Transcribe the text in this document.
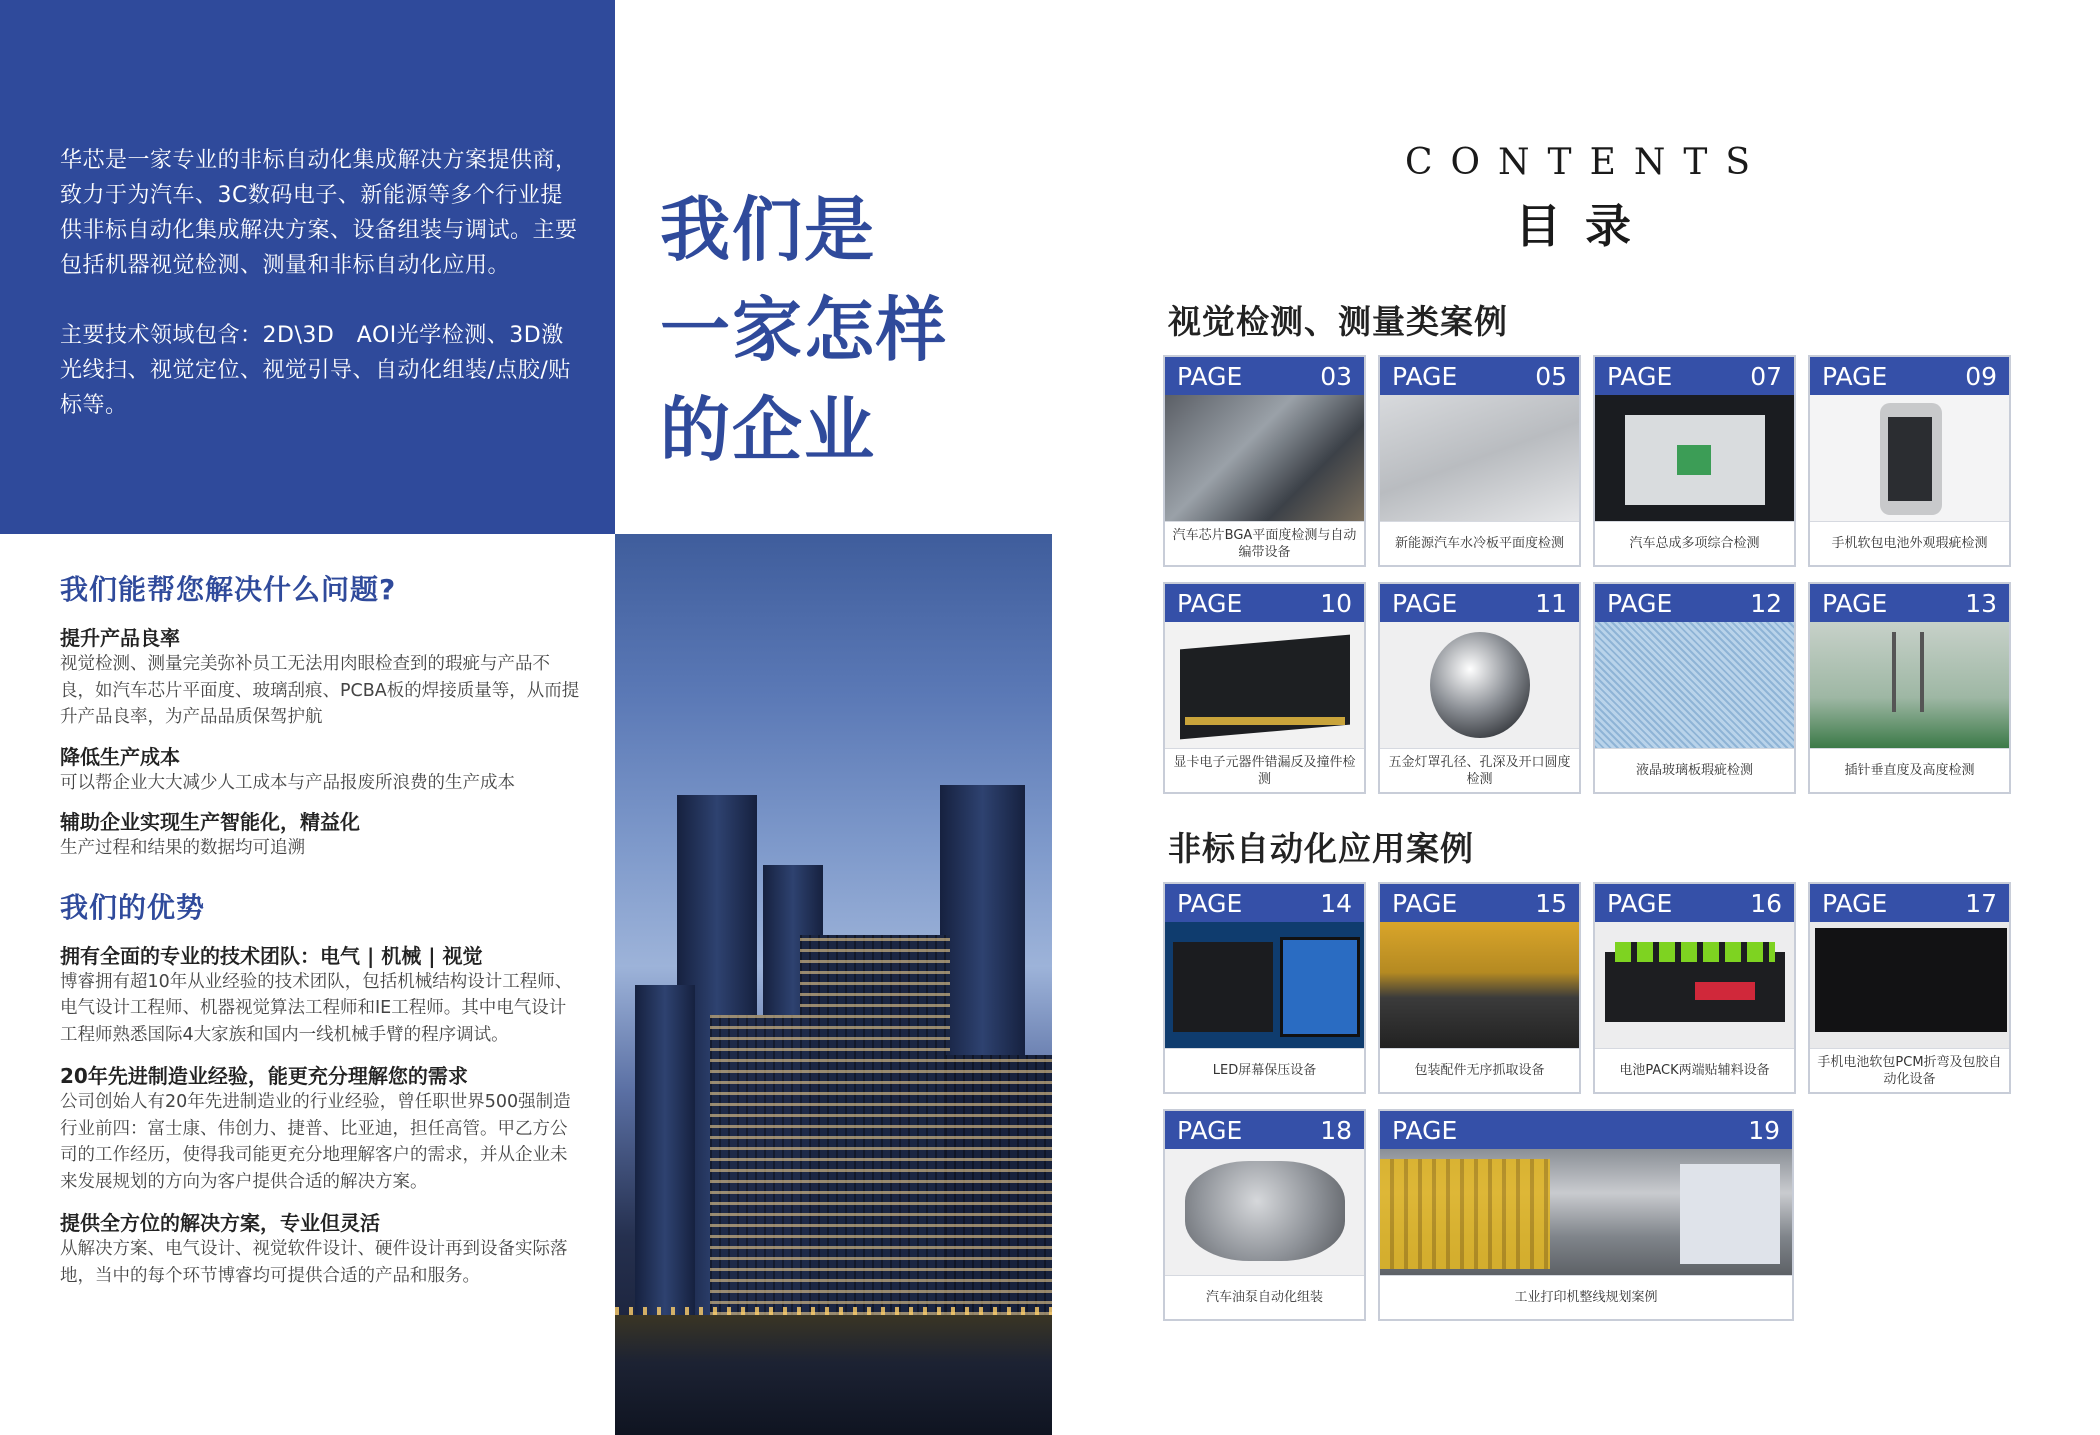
华芯是一家专业的非标自动化集成解决方案提供商，致力于为汽车、3C数码电子、新能源等多个行业提供非标自动化集成解决方案、设备组装与调试。主要包括机器视觉检测、测量和非标自动化应用。

主要技术领域包含：2D\3D　AOI光学检测、3D激光线扫、视觉定位、视觉引导、自动化组装/点胶/贴标等。

我们是
一家怎样
的企业
我们能帮您解决什么问题?
提升产品良率
视觉检测、测量完美弥补员工无法用肉眼检查到的瑕疵与产品不良，如汽车芯片平面度、玻璃刮痕、PCBA板的焊接质量等，从而提升产品良率，为产品品质保驾护航
降低生产成本
可以帮企业大大减少人工成本与产品报废所浪费的生产成本
辅助企业实现生产智能化，精益化
生产过程和结果的数据均可追溯
我们的优势
拥有全面的专业的技术团队：电气 | 机械 | 视觉
博睿拥有超10年从业经验的技术团队，包括机械结构设计工程师、电气设计工程师、机器视觉算法工程师和IE工程师。其中电气设计工程师熟悉国际4大家族和国内一线机械手臂的程序调试。
20年先进制造业经验，能更充分理解您的需求
公司创始人有20年先进制造业的行业经验，曾任职世界500强制造行业前四：富士康、伟创力、捷普、比亚迪，担任高管。甲乙方公司的工作经历，使得我司能更充分地理解客户的需求，并从企业未来发展规划的方向为客户提供合适的解决方案。
提供全方位的解决方案，专业但灵活
从解决方案、电气设计、视觉软件设计、硬件设计再到设备实际落地，当中的每个环节博睿均可提供合适的产品和服务。
CONTENTS
目录
视觉检测、测量类案例
非标自动化应用案例
PAGE	03
汽车芯片BGA平面度检测与自动编带设备
PAGE	05
新能源汽车水冷板平面度检测
PAGE	07
汽车总成多项综合检测
PAGE	09
手机软包电池外观瑕疵检测
PAGE	10
显卡电子元器件错漏反及撞件检测
PAGE	11
五金灯罩孔径、孔深及开口圆度检测
PAGE	12
液晶玻璃板瑕疵检测
PAGE	13
插针垂直度及高度检测
PAGE	14
LED屏幕保压设备
PAGE	15
包装配件无序抓取设备
PAGE	16
电池PACK两端贴辅料设备
PAGE	17
手机电池软包PCM折弯及包胶自动化设备
PAGE	18
汽车油泵自动化组装
PAGE	19
工业打印机整线规划案例
